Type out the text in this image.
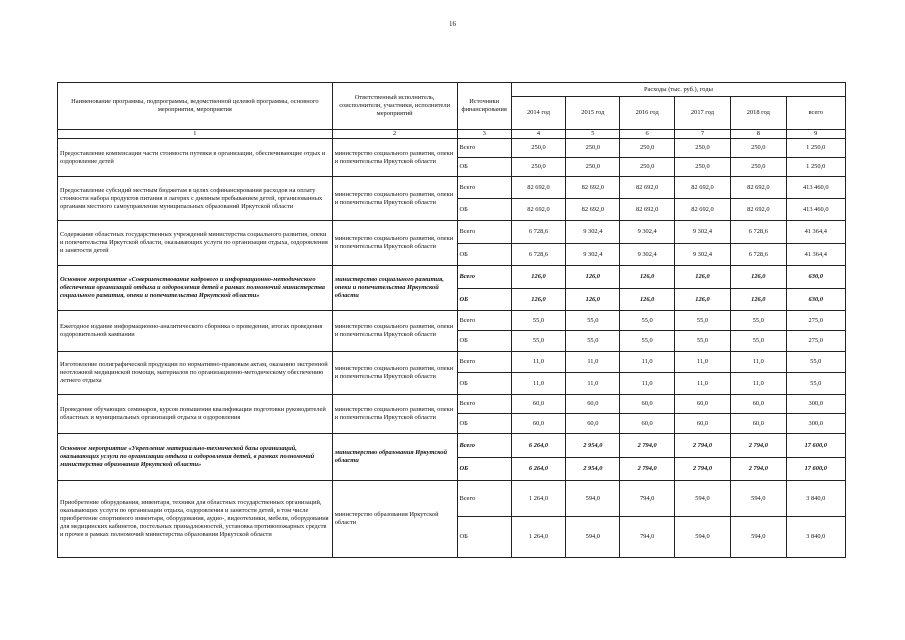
16
Наименование программы, подпрограммы, ведомственной целевой программы, основного мероприятия, мероприятия	Ответственный исполнитель, соисполнители, участники, исполнители мероприятий	Источники финансирования	Расходы (тыс. руб.), годы					
			2014 год	2015 год	2016 год	2017 год	2018 год	всего
1	2	3	4	5	6	7	8	9
Предоставление компенсации части стоимости путевки в организации, обеспечивающие отдых и оздоровление детей	министерство социального развития, опеки и попечительства Иркутской области	Всего	250,0	250,0	250,0	250,0	250,0	1 250,0
		ОБ	250,0	250,0	250,0	250,0	250,0	1 250,0
Предоставление субсидий местным бюджетам в целях софинансирования расходов на оплату стоимости набора продуктов питания в лагерях с дневным пребыванием детей, организованных органами местного самоуправления муниципальных образований Иркутской области	министерство социального развития, опеки и попечительства Иркутской области	Всего	82 692,0	82 692,0	82 692,0	82 692,0	82 692,0	413 460,0
		ОБ	82 692,0	82 692,0	82 692,0	82 692,0	82 692,0	413 460,0
Содержание областных государственных учреждений министерства социального развития, опеки и попечительства Иркутской области, оказывающих услуги по организации отдыха, оздоровления и занятости детей	министерство социального развития, опеки и попечительства Иркутской области	Всего	6 728,6	9 302,4	9 302,4	9 302,4	6 728,6	41 364,4
		ОБ	6 728,6	9 302,4	9 302,4	9 302,4	6 728,6	41 364,4
Основное мероприятие «Совершенствование кадрового и информационно-методического обеспечения организаций отдыха и оздоровления детей в рамках полномочий министерства социального развития, опеки и попечительства Иркутской области»	министерство социального развития, опеки и попечительства Иркутской области	Всего	126,0	126,0	126,0	126,0	126,0	630,0
		ОБ	126,0	126,0	126,0	126,0	126,0	630,0
Ежегодное издание информационно-аналитического сборника о проведении, итогах проведения оздоровительной кампании	министерство социального развития, опеки и попечительства Иркутской области	Всего	55,0	55,0	55,0	55,0	55,0	275,0
		ОБ	55,0	55,0	55,0	55,0	55,0	275,0
Изготовление полиграфической продукции по нормативно-правовым актам, оказанию экстренной неотложной медицинской помощи, материалов по организационно-методическому обеспечению летнего отдыха	министерство социального развития, опеки и попечительства Иркутской области	Всего	11,0	11,0	11,0	11,0	11,0	55,0
		ОБ	11,0	11,0	11,0	11,0	11,0	55,0
Проведение обучающих семинаров, курсов повышения квалификации подготовки руководителей областных и муниципальных организаций отдыха и оздоровления	министерство социального развития, опеки и попечительства Иркутской области	Всего	60,0	60,0	60,0	60,0	60,0	300,0
		ОБ	60,0	60,0	60,0	60,0	60,0	300,0
Основное мероприятие «Укрепление материально-технической базы организаций, оказывающих услуги по организации отдыха и оздоровления детей, в рамках полномочий министерства образования Иркутской области»	министерство образования Иркутской области	Всего	6 264,0	2 954,0	2 794,0	2 794,0	2 794,0	17 600,0
		ОБ	6 264,0	2 954,0	2 794,0	2 794,0	2 794,0	17 600,0
Приобретение оборудования, инвентаря, техники для областных государственных организаций, оказывающих услуги по организации отдыха, оздоровления и занятости детей, в том числе приобретение спортивного инвентаря, оборудования, аудио-, видеотехники, мебели, оборудования для медицинских кабинетов, постельных принадлежностей, установка противопожарных средств и прочее в рамках полномочий министерства образования Иркутской области	министерство образования Иркутской области	Всего	1 264,0	594,0	794,0	594,0	594,0	3 840,0
		ОБ	1 264,0	594,0	794,0	594,0	594,0	3 840,0
